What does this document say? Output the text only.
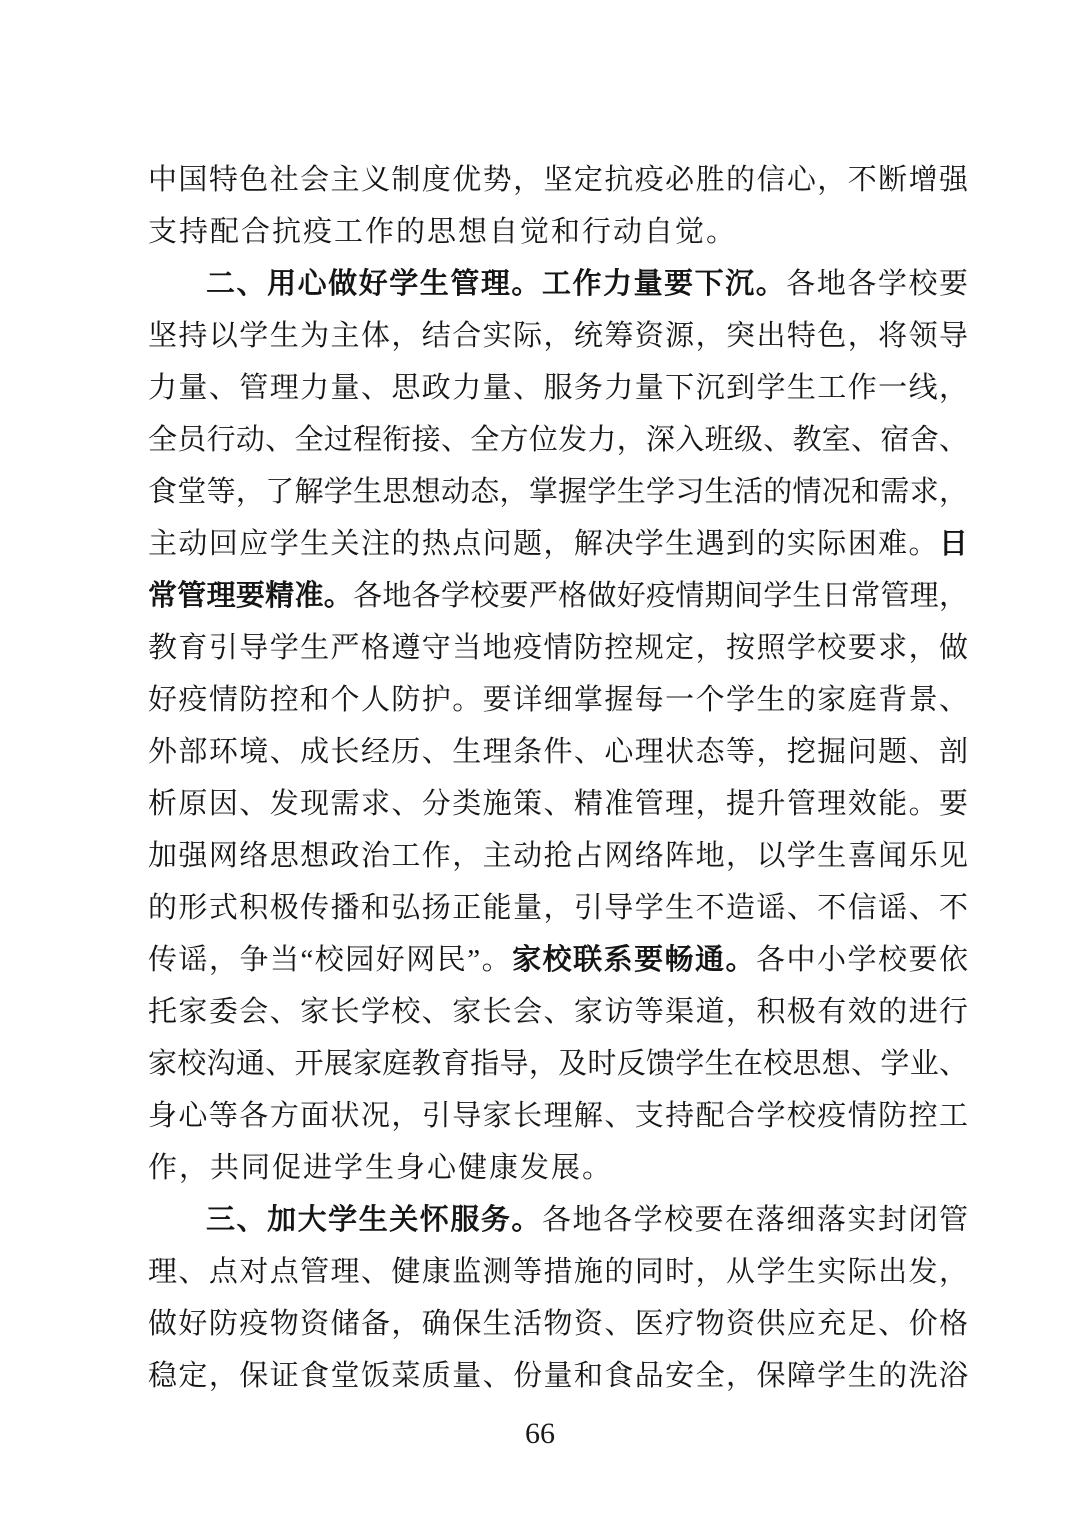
中国特色社会主义制度优势，坚定抗疫必胜的信心，不断增强
支持配合抗疫工作的思想自觉和行动自觉。
二、用心做好学生管理。工作力量要下沉。各地各学校要
坚持以学生为主体，结合实际，统筹资源，突出特色，将领导
力量、管理力量、思政力量、服务力量下沉到学生工作一线，
全员行动、全过程衔接、全方位发力，深入班级、教室、宿舍、
食堂等，了解学生思想动态，掌握学生学习生活的情况和需求，
主动回应学生关注的热点问题，解决学生遇到的实际困难。日
常管理要精准。各地各学校要严格做好疫情期间学生日常管理，
教育引导学生严格遵守当地疫情防控规定，按照学校要求，做
好疫情防控和个人防护。要详细掌握每一个学生的家庭背景、
外部环境、成长经历、生理条件、心理状态等，挖掘问题、剖
析原因、发现需求、分类施策、精准管理，提升管理效能。要
加强网络思想政治工作，主动抢占网络阵地，以学生喜闻乐见
的形式积极传播和弘扬正能量，引导学生不造谣、不信谣、不
传谣，争当“校园好网民”。家校联系要畅通。各中小学校要依
托家委会、家长学校、家长会、家访等渠道，积极有效的进行
家校沟通、开展家庭教育指导，及时反馈学生在校思想、学业、
身心等各方面状况，引导家长理解、支持配合学校疫情防控工
作，共同促进学生身心健康发展。
三、加大学生关怀服务。各地各学校要在落细落实封闭管
理、点对点管理、健康监测等措施的同时，从学生实际出发，
做好防疫物资储备，确保生活物资、医疗物资供应充足、价格
稳定，保证食堂饭菜质量、份量和食品安全，保障学生的洗浴
66
